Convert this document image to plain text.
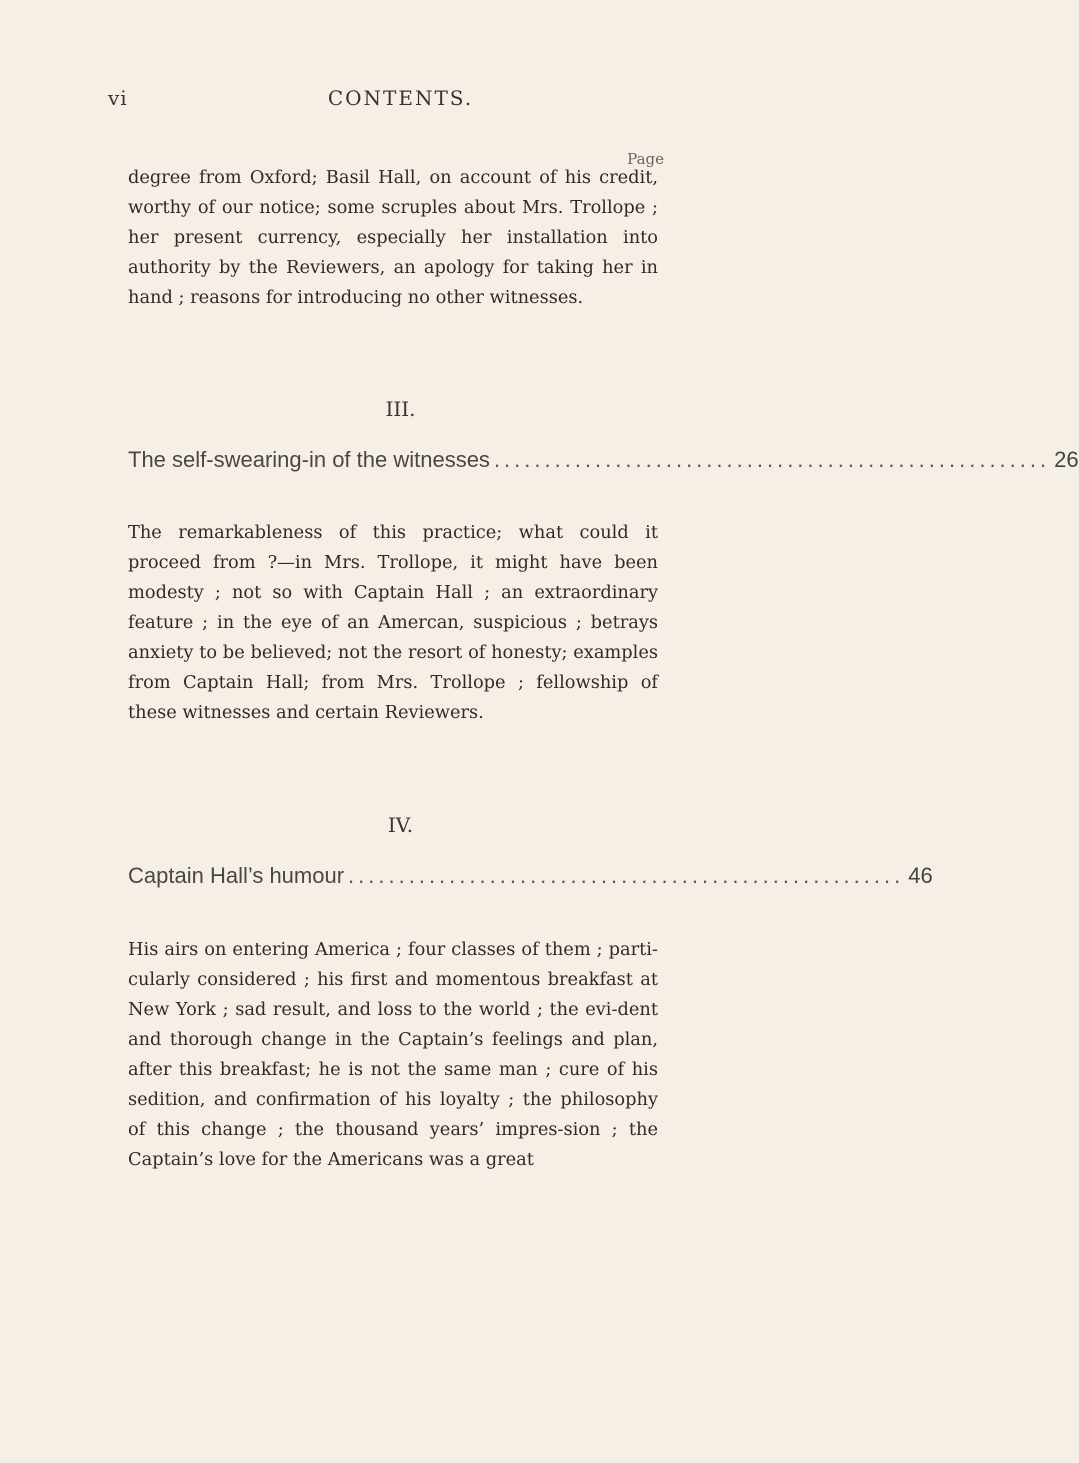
vi	CONTENTS.
Page

degree from Oxford; Basil Hall, on account of his credit, worthy of our notice; some scruples about Mrs. Trollope ; her present currency, especially her installation into authority by the Reviewers, an apology for taking her in hand ; reasons for introducing no other witnesses.

III.
The self-swearing-in of the witnesses ....................................................... 26

The remarkableness of this practice; what could it proceed from ?—in Mrs. Trollope, it might have been modesty ; not so with Captain Hall ; an extraordinary feature ; in the eye of an Amercan, suspicious ; betrays anxiety to be believed; not the resort of honesty; examples from Captain Hall; from Mrs. Trollope ; fellowship of these witnesses and certain Reviewers.

IV.
Captain Hall’s humour ....................................................... 46

His airs on entering America ; four classes of them ; parti-cularly considered ; his first and momentous breakfast at New York ; sad result, and loss to the world ; the evi-dent and thorough change in the Captain’s feelings and plan, after this breakfast; he is not the same man ; cure of his sedition, and confirmation of his loyalty ; the philosophy of this change ; the thousand years’ impres-sion ; the Captain’s love for the Americans was a great
